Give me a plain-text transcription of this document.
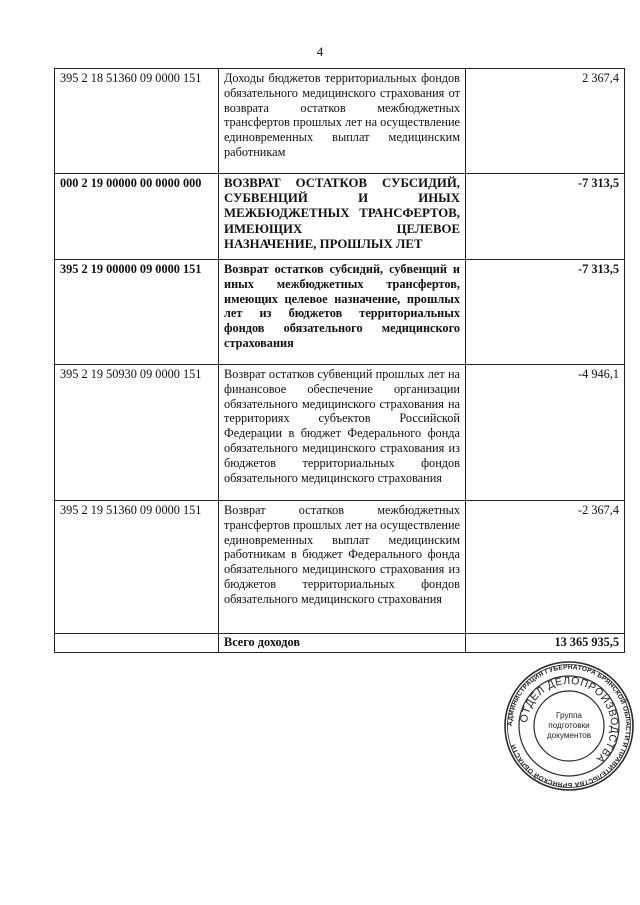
4
395 2 18 51360 09 0000 151	Доходы бюджетов территориальных фондов обязательного медицинского страхования от возврата остатков межбюджетных трансфертов прошлых лет на осуществление единовременных выплат медицинским работникам	2 367,4
000 2 19 00000 00 0000 000	ВОЗВРАТ ОСТАТКОВ СУБСИДИЙ, СУБВЕНЦИЙ И ИНЫХ МЕЖБЮДЖЕТНЫХ ТРАНСФЕРТОВ, ИМЕЮЩИХ ЦЕЛЕВОЕ НАЗНАЧЕНИЕ, ПРОШЛЫХ ЛЕТ	-7 313,5
395 2 19 00000 09 0000 151	Возврат остатков субсидий, субвенций и иных межбюджетных трансфертов, имеющих целевое назначение, прошлых лет из бюджетов территориальных фондов обязательного медицинского страхования	-7 313,5
395 2 19 50930 09 0000 151	Возврат остатков субвенций прошлых лет на финансовое обеспечение организации обязательного медицинского страхования на территориях субъектов Российской Федерации в бюджет Федерального фонда обязательного медицинского страхования из бюджетов территориальных фондов обязательного медицинского страхования	-4 946,1
395 2 19 51360 09 0000 151	Возврат остатков межбюджетных трансфертов прошлых лет на осуществление единовременных выплат медицинским работникам в бюджет Федерального фонда обязательного медицинского страхования из бюджетов территориальных фондов обязательного медицинского страхования	-2 367,4
	Всего доходов	13 365 935,5
АДМИНИСТРАЦИЯ ГУБЕРНАТОРА БРЯНСКОЙ ОБЛАСТИ И ПРАВИТЕЛЬСТВА БРЯНСКОЙ ОБЛАСТИ
ОТДЕЛ ДЕЛОПРОИЗВОДСТВА
Группа
подготовки
документов
